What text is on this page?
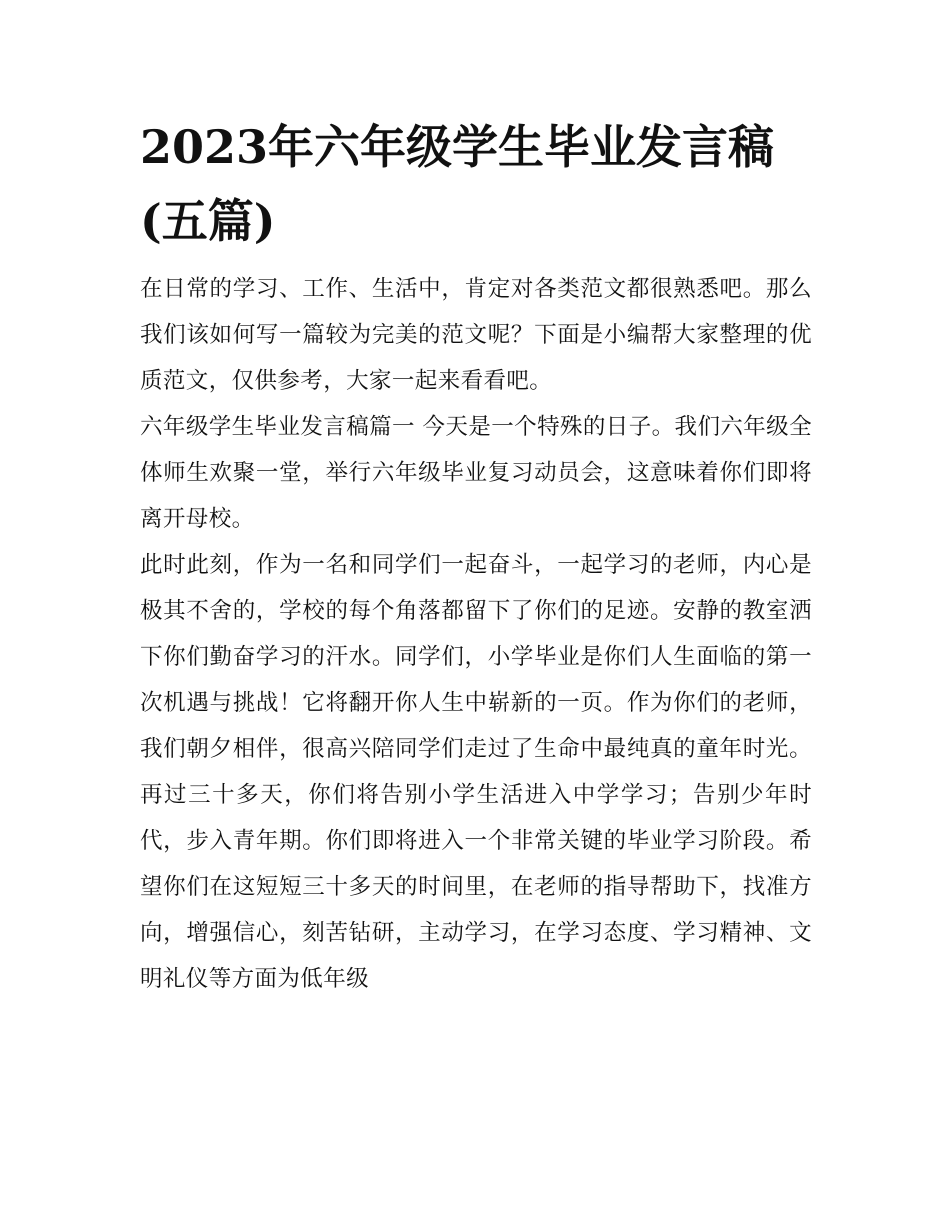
2023年六年级学生毕业发言稿(五篇)

在日常的学习、工作、生活中，肯定对各类范文都很熟悉吧。那么我们该如何写一篇较为完美的范文呢？下面是小编帮大家整理的优质范文，仅供参考，大家一起来看看吧。

六年级学生毕业发言稿篇一 今天是一个特殊的日子。我们六年级全体师生欢聚一堂，举行六年级毕业复习动员会，这意味着你们即将离开母校。

此时此刻，作为一名和同学们一起奋斗，一起学习的老师，内心是极其不舍的，学校的每个角落都留下了你们的足迹。安静的教室洒下你们勤奋学习的汗水。同学们，小学毕业是你们人生面临的第一次机遇与挑战！它将翻开你人生中崭新的一页。作为你们的老师，我们朝夕相伴，很高兴陪同学们走过了生命中最纯真的童年时光。再过三十多天，你们将告别小学生活进入中学学习；告别少年时代，步入青年期。你们即将进入一个非常关键的毕业学习阶段。希望你们在这短短三十多天的时间里，在老师的指导帮助下，找准方向，增强信心，刻苦钻研，主动学习，在学习态度、学习精神、文明礼仪等方面为低年级
